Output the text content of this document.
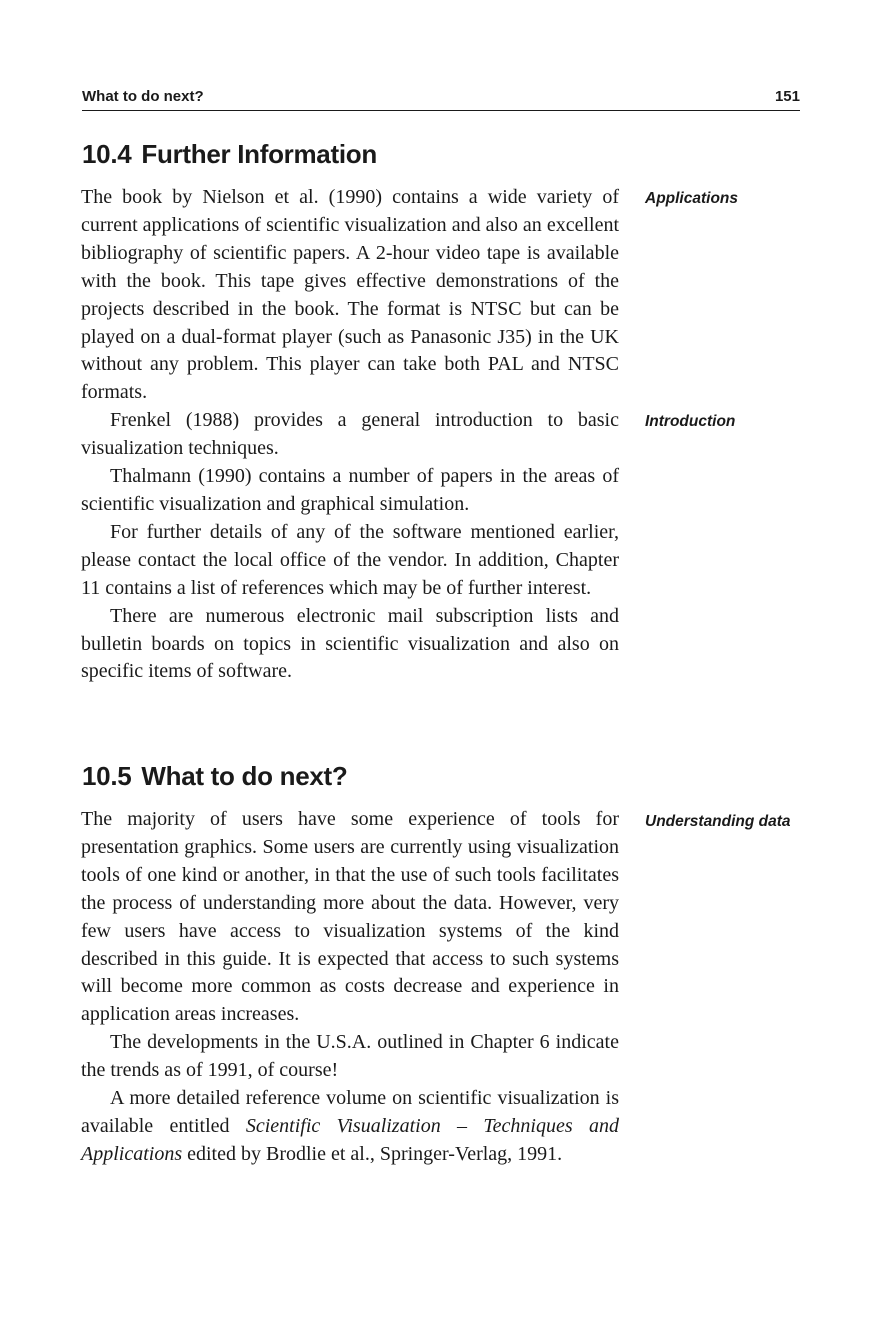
What to do next?	151
10.4 Further Information

The book by Nielson et al. (1990) contains a wide variety of current applications of scientific visualization and also an excellent bibliography of scientific papers. A 2-hour video tape is available with the book. This tape gives effective demonstrations of the projects described in the book. The format is NTSC but can be played on a dual-format player (such as Panasonic J35) in the UK without any problem. This player can take both PAL and NTSC formats.

Frenkel (1988) provides a general introduction to basic visualization techniques.

Thalmann (1990) contains a number of papers in the areas of scientific visualization and graphical simulation.

For further details of any of the software mentioned earlier, please contact the local office of the vendor. In addition, Chapter 11 contains a list of references which may be of further interest.

There are numerous electronic mail subscription lists and bulletin boards on topics in scientific visualization and also on specific items of software.

Applications
Introduction
10.5 What to do next?

The majority of users have some experience of tools for presentation graphics. Some users are currently using visualization tools of one kind or another, in that the use of such tools facilitates the process of understanding more about the data. However, very few users have access to visualization systems of the kind described in this guide. It is expected that access to such systems will become more common as costs decrease and experience in application areas increases.

The developments in the U.S.A. outlined in Chapter 6 indicate the trends as of 1991, of course!

A more detailed reference volume on scientific visualization is available entitled Scientific Visualization – Techniques and Applications edited by Brodlie et al., Springer-Verlag, 1991.

Understanding data
